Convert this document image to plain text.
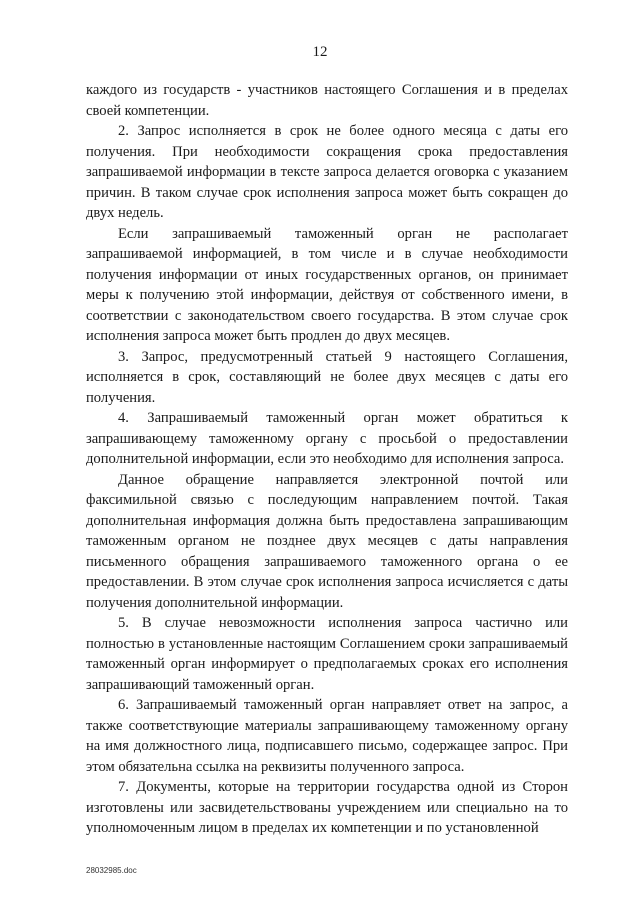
12

каждого из государств - участников настоящего Соглашения и в пределах своей компетенции.

2. Запрос исполняется в срок не более одного месяца с даты его получения. При необходимости сокращения срока предоставления запрашиваемой информации в тексте запроса делается оговорка с указанием причин. В таком случае срок исполнения запроса может быть сокращен до двух недель.

Если запрашиваемый таможенный орган не располагает запрашиваемой информацией, в том числе и в случае необходимости получения информации от иных государственных органов, он принимает меры к получению этой информации, действуя от собственного имени, в соответствии с законодательством своего государства. В этом случае срок исполнения запроса может быть продлен до двух месяцев.

3. Запрос, предусмотренный статьей 9 настоящего Соглашения, исполняется в срок, составляющий не более двух месяцев с даты его получения.

4. Запрашиваемый таможенный орган может обратиться к запрашивающему таможенному органу с просьбой о предоставлении дополнительной информации, если это необходимо для исполнения запроса.

Данное обращение направляется электронной почтой или факсимильной связью с последующим направлением почтой. Такая дополнительная информация должна быть предоставлена запрашивающим таможенным органом не позднее двух месяцев с даты направления письменного обращения запрашиваемого таможенного органа о ее предоставлении. В этом случае срок исполнения запроса исчисляется с даты получения дополнительной информации.

5. В случае невозможности исполнения запроса частично или полностью в установленные настоящим Соглашением сроки запрашиваемый таможенный орган информирует о предполагаемых сроках его исполнения запрашивающий таможенный орган.

6. Запрашиваемый таможенный орган направляет ответ на запрос, а также соответствующие материалы запрашивающему таможенному органу на имя должностного лица, подписавшего письмо, содержащее запрос. При этом обязательна ссылка на реквизиты полученного запроса.

7. Документы, которые на территории государства одной из Сторон изготовлены или засвидетельствованы учреждением или специально на то уполномоченным лицом в пределах их компетенции и по установленной

28032985.doc
